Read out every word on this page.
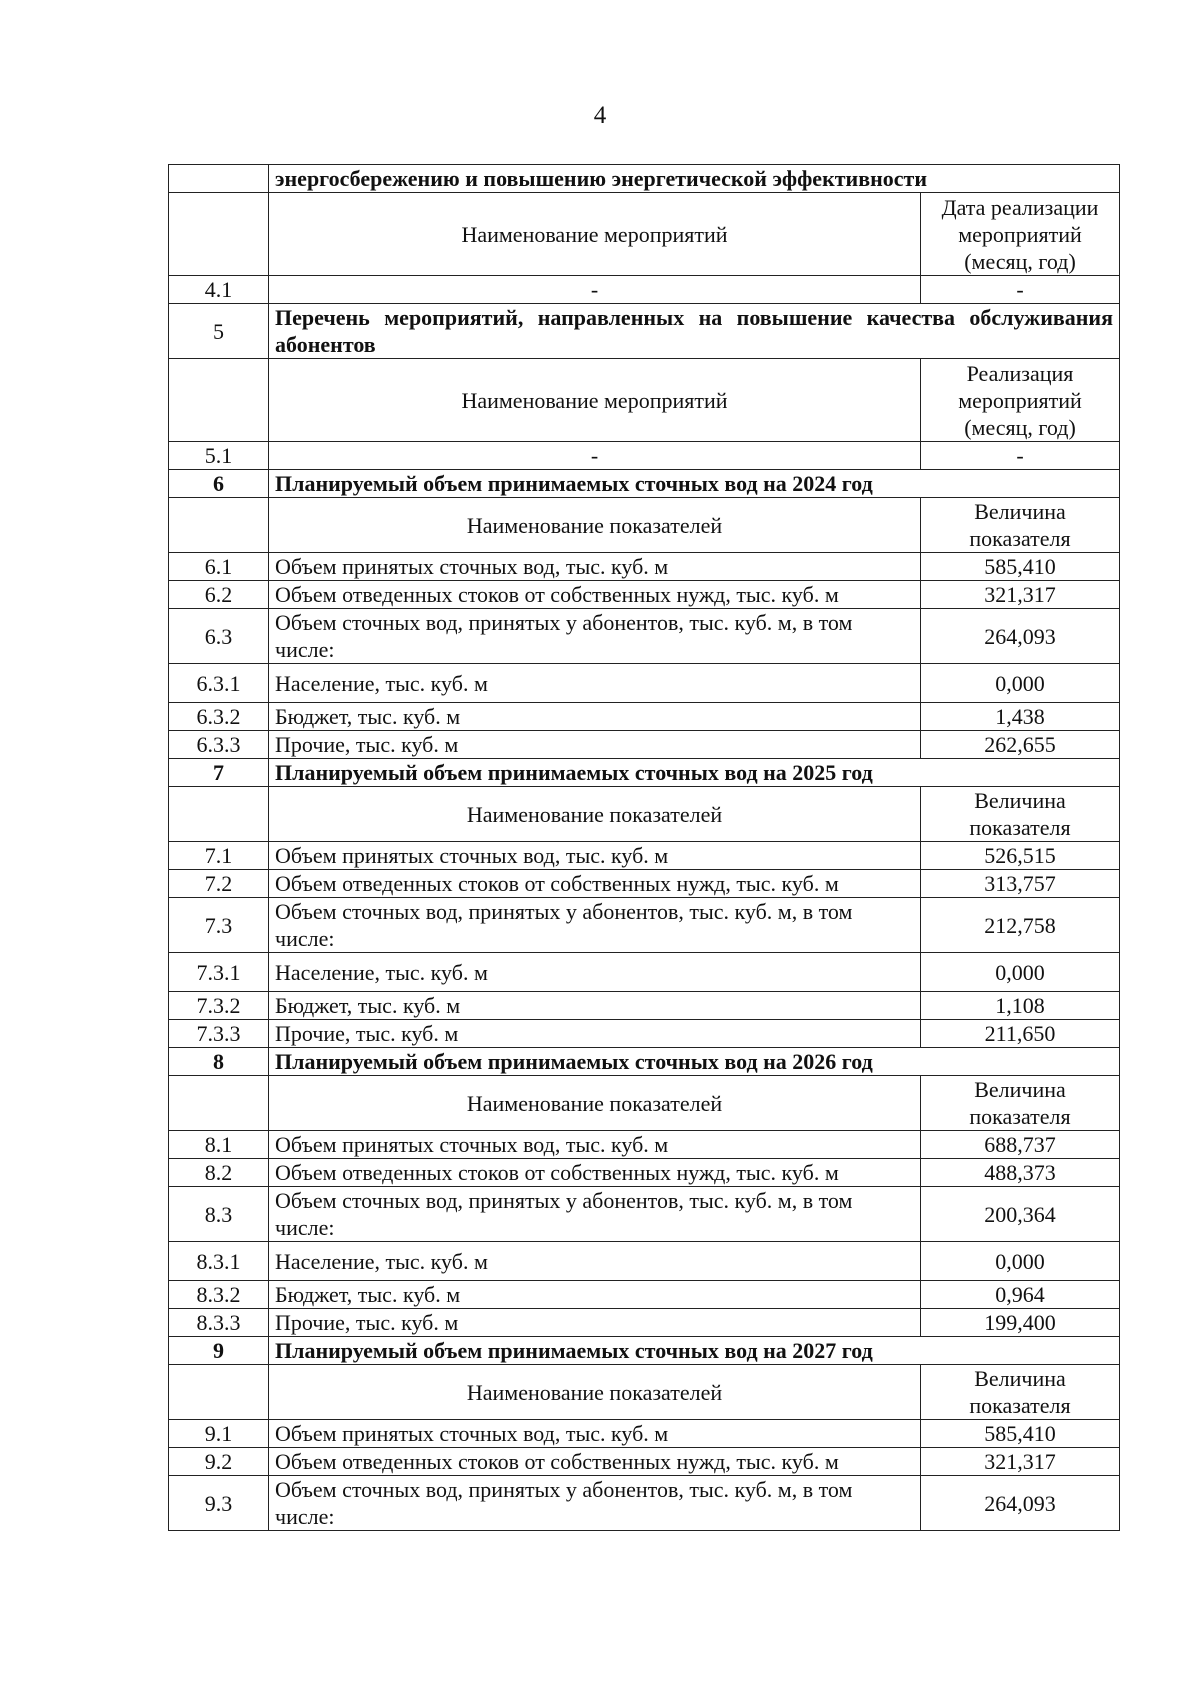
4
	энергосбережению и повышению энергетической эффективности	
	Наименование мероприятий	Дата реализации мероприятий (месяц, год)
4.1	-	-
5	Перечень мероприятий, направленных на повышение качества обслуживания абонентов	
	Наименование мероприятий	Реализация мероприятий (месяц, год)
5.1	-	-
6	Планируемый объем принимаемых сточных вод на 2024 год	
	Наименование показателей	Величина показателя
6.1	Объем принятых сточных вод, тыс. куб. м	585,410
6.2	Объем отведенных стоков от собственных нужд, тыс. куб. м	321,317
6.3	Объем сточных вод, принятых у абонентов, тыс. куб. м, в том числе:	264,093
6.3.1	Население, тыс. куб. м	0,000
6.3.2	Бюджет, тыс. куб. м	1,438
6.3.3	Прочие, тыс. куб. м	262,655
7	Планируемый объем принимаемых сточных вод на 2025 год	
	Наименование показателей	Величина показателя
7.1	Объем принятых сточных вод, тыс. куб. м	526,515
7.2	Объем отведенных стоков от собственных нужд, тыс. куб. м	313,757
7.3	Объем сточных вод, принятых у абонентов, тыс. куб. м, в том числе:	212,758
7.3.1	Население, тыс. куб. м	0,000
7.3.2	Бюджет, тыс. куб. м	1,108
7.3.3	Прочие, тыс. куб. м	211,650
8	Планируемый объем принимаемых сточных вод на 2026 год	
	Наименование показателей	Величина показателя
8.1	Объем принятых сточных вод, тыс. куб. м	688,737
8.2	Объем отведенных стоков от собственных нужд, тыс. куб. м	488,373
8.3	Объем сточных вод, принятых у абонентов, тыс. куб. м, в том числе:	200,364
8.3.1	Население, тыс. куб. м	0,000
8.3.2	Бюджет, тыс. куб. м	0,964
8.3.3	Прочие, тыс. куб. м	199,400
9	Планируемый объем принимаемых сточных вод на 2027 год	
	Наименование показателей	Величина показателя
9.1	Объем принятых сточных вод, тыс. куб. м	585,410
9.2	Объем отведенных стоков от собственных нужд, тыс. куб. м	321,317
9.3	Объем сточных вод, принятых у абонентов, тыс. куб. м, в том числе:	264,093
